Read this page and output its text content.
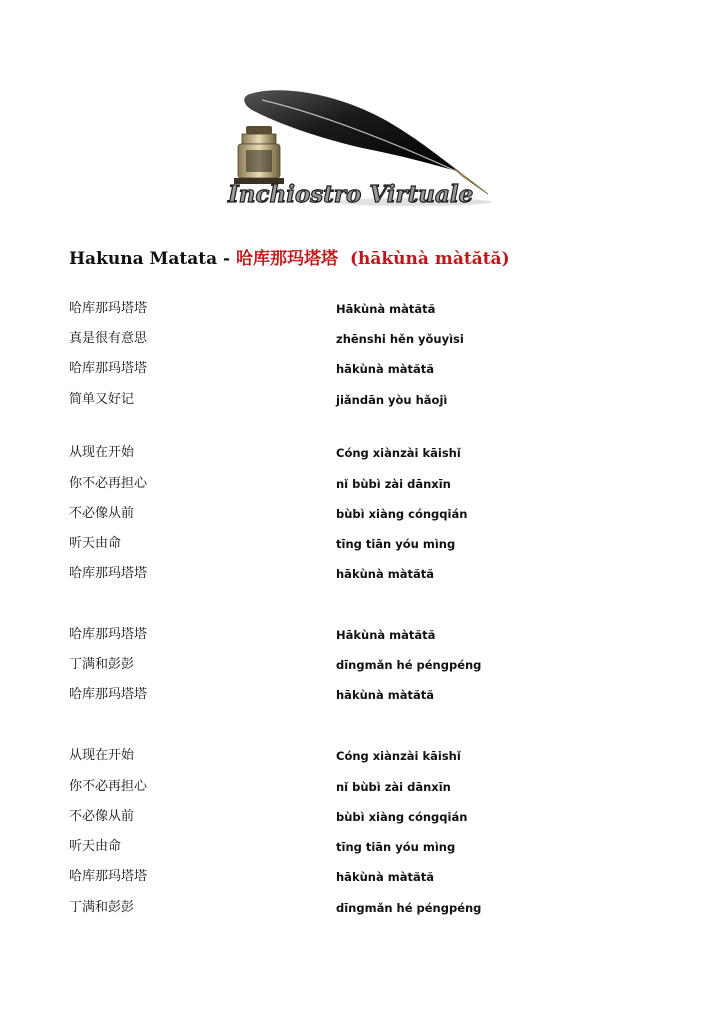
Inchiostro Virtuale
Hakuna Matata - 哈库那玛塔塔 (hākùnà màtătă)
哈库那玛塔塔	Hākùnà màtătă
真是很有意思	zhēnshi hěn yǒuyìsi
哈库那玛塔塔	hākùnà màtătă
简单又好记	jiǎndān yòu hǎojì
从现在开始	Cóng xiànzài kāishǐ
你不必再担心	nǐ bùbì zài dānxīn
不必像从前	bùbì xiàng cóngqián
听天由命	tīng tiān yóu mìng
哈库那玛塔塔	hākùnà màtătă
哈库那玛塔塔	Hākùnà màtătă
丁满和彭彭	dīngmǎn hé péngpéng
哈库那玛塔塔	hākùnà màtătă
从现在开始	Cóng xiànzài kāishǐ
你不必再担心	nǐ bùbì zài dānxīn
不必像从前	bùbì xiàng cóngqián
听天由命	tīng tiān yóu mìng
哈库那玛塔塔	hākùnà màtătă
丁满和彭彭	dīngmǎn hé péngpéng
